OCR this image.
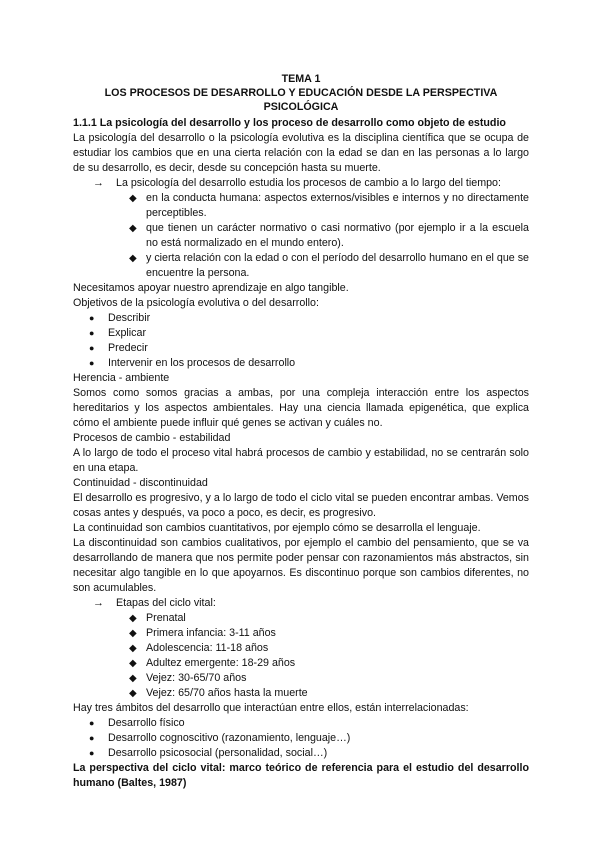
TEMA 1

LOS PROCESOS DE DESARROLLO Y EDUCACIÓN DESDE LA PERSPECTIVA PSICOLÓGICA

1.1.1 La psicología del desarrollo y los proceso de desarrollo como objeto de estudio

La psicología del desarrollo o la psicología evolutiva es la disciplina científica que se ocupa de estudiar los cambios que en una cierta relación con la edad se dan en las personas a lo largo de su desarrollo, es decir, desde su concepción hasta su muerte.

→ La psicología del desarrollo estudia los procesos de cambio a lo largo del tiempo:

◆ en la conducta humana: aspectos externos/visibles e internos y no directamente perceptibles.
◆ que tienen un carácter normativo o casi normativo (por ejemplo ir a la escuela no está normalizado en el mundo entero).
◆ y cierta relación con la edad o con el período del desarrollo humano en el que se encuentre la persona.

Necesitamos apoyar nuestro aprendizaje en algo tangible.

Objetivos de la psicología evolutiva o del desarrollo:

● Describir
● Explicar
● Predecir
● Intervenir en los procesos de desarrollo

Herencia - ambiente

Somos como somos gracias a ambas, por una compleja interacción entre los aspectos hereditarios y los aspectos ambientales. Hay una ciencia llamada epigenética, que explica cómo el ambiente puede influir qué genes se activan y cuáles no.

Procesos de cambio - estabilidad

A lo largo de todo el proceso vital habrá procesos de cambio y estabilidad, no se centrarán solo en una etapa.

Continuidad - discontinuidad

El desarrollo es progresivo, y a lo largo de todo el ciclo vital se pueden encontrar ambas. Vemos cosas antes y después, va poco a poco, es decir, es progresivo.

La continuidad son cambios cuantitativos, por ejemplo cómo se desarrolla el lenguaje.

La discontinuidad son cambios cualitativos, por ejemplo el cambio del pensamiento, que se va desarrollando de manera que nos permite poder pensar con razonamientos más abstractos, sin necesitar algo tangible en lo que apoyarnos. Es discontinuo porque son cambios diferentes, no son acumulables.

→ Etapas del ciclo vital:

◆ Prenatal
◆ Primera infancia: 3-11 años
◆ Adolescencia: 11-18 años
◆ Adultez emergente: 18-29 años
◆ Vejez: 30-65/70 años
◆ Vejez: 65/70 años hasta la muerte

Hay tres ámbitos del desarrollo que interactúan entre ellos, están interrelacionadas:

● Desarrollo físico
● Desarrollo cognoscitivo (razonamiento, lenguaje…)
● Desarrollo psicosocial (personalidad, social…)

La perspectiva del ciclo vital: marco teórico de referencia para el estudio del desarrollo humano (Baltes, 1987)
